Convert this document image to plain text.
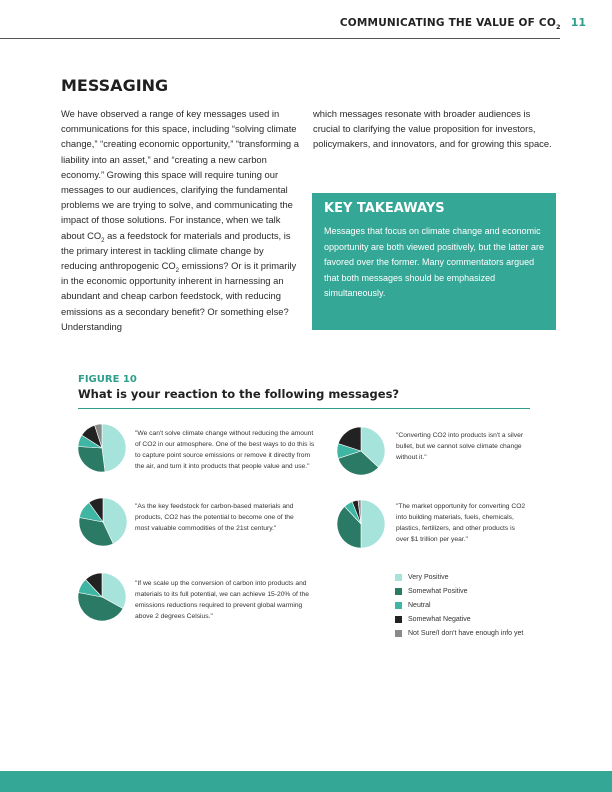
COMMUNICATING THE VALUE OF $CO_2$ 11
MESSAGING

We have observed a range of key messages used in communications for this space, including “solving climate change,” “creating economic opportunity,” “transforming a liability into an asset,” and “creating a new carbon economy.” Growing this space will require tuning our messages to our audiences, clarifying the fundamental problems we are trying to solve, and communicating the impact of those solutions. For instance, when we talk about $CO_2$ as a feedstock for materials and products, is the primary interest in tackling climate change by reducing anthropogenic $CO_2$ emissions? Or is it primarily in the economic opportunity inherent in harnessing an abundant and cheap carbon feedstock, with reducing emissions as a secondary benefit? Or something else? Understanding

which messages resonate with broader audiences is crucial to clarifying the value proposition for investors, policymakers, and innovators, and for growing this space.

KEY TAKEAWAYS

Messages that focus on climate change and economic opportunity are both viewed positively, but the latter are favored over the former. Many commentators argued that both messages should be emphasized simultaneously.

FIGURE 10

What is your reaction to the following messages?

"We can't solve climate change without reducing the amount of CO2 in our atmosphere. One of the best ways to do this is to capture point source emissions or remove it directly from the air, and turn it into products that people value and use."

"Converting CO2 into products isn't a silver bullet, but we cannot solve climate change without it."

"As the key feedstock for carbon-based materials and products, CO2 has the potential to become one of the most valuable commodities of the 21st century."

"The market opportunity for converting CO2 into building materials, fuels, chemicals, plastics, fertilizers, and other products is over $1 trillion per year."

"If we scale up the conversion of carbon into products and materials to its full potential, we can achieve 15-20% of the emissions reductions required to prevent global warming above 2 degrees Celsius."

Very Positive
Somewhat Positive
Neutral
Somewhat Negative
Not Sure/I don't have enough info yet
